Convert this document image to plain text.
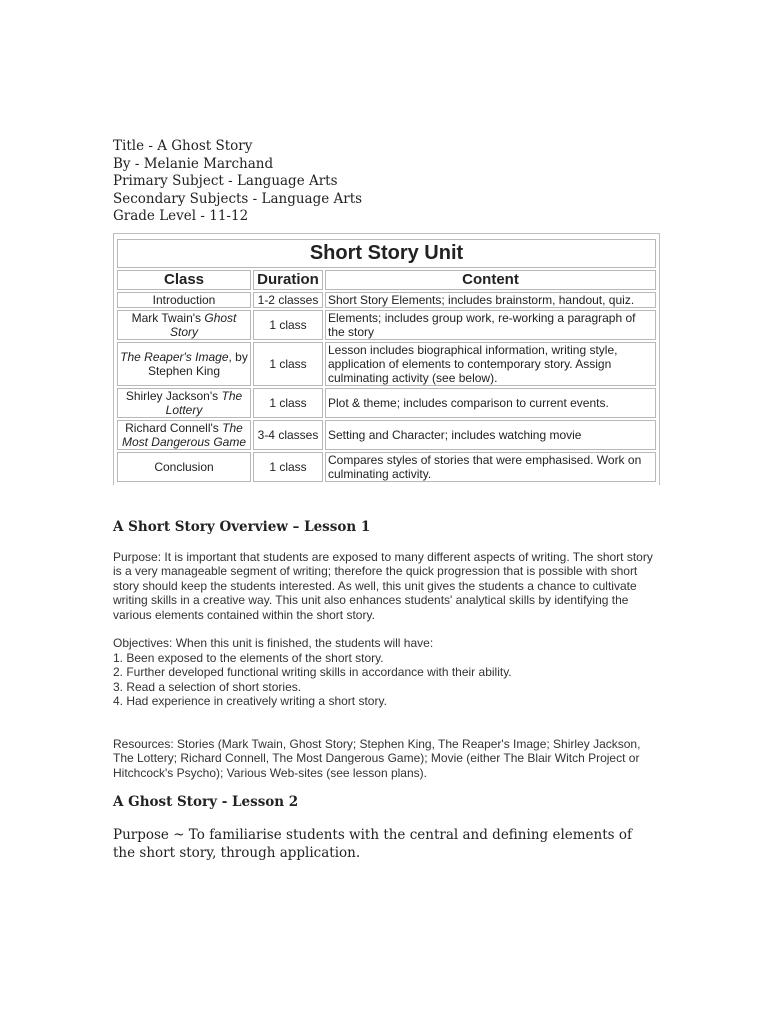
Title - A Ghost Story
By - Melanie Marchand
Primary Subject - Language Arts
Secondary Subjects - Language Arts
Grade Level - 11-12
Short Story Unit		
Class	Duration	Content
Introduction	1-2 classes	Short Story Elements; includes brainstorm, handout, quiz.
Mark Twain's Ghost Story	1 class	Elements; includes group work, re-working a paragraph of the story
The Reaper's Image, by Stephen King	1 class	Lesson includes biographical information, writing style, application of elements to contemporary story. Assign culminating activity (see below).
Shirley Jackson's The Lottery	1 class	Plot & theme; includes comparison to current events.
Richard Connell's The Most Dangerous Game	3-4 classes	Setting and Character; includes watching movie
Conclusion	1 class	Compares styles of stories that were emphasised. Work on culminating activity.
A Short Story Overview – Lesson 1

Purpose: It is important that students are exposed to many different aspects of writing. The short story is a very manageable segment of writing; therefore the quick progression that is possible with short story should keep the students interested. As well, this unit gives the students a chance to cultivate writing skills in a creative way. This unit also enhances students' analytical skills by identifying the various elements contained within the short story.

Objectives: When this unit is finished, the students will have:

1. Been exposed to the elements of the short story.

2. Further developed functional writing skills in accordance with their ability.

3. Read a selection of short stories.

4. Had experience in creatively writing a short story.

Resources: Stories (Mark Twain, Ghost Story; Stephen King, The Reaper's Image; Shirley Jackson, The Lottery; Richard Connell, The Most Dangerous Game); Movie (either The Blair Witch Project or Hitchcock's Psycho); Various Web-sites (see lesson plans).

A Ghost Story - Lesson 2

Purpose ~ To familiarise students with the central and defining elements of the short story, through application.
